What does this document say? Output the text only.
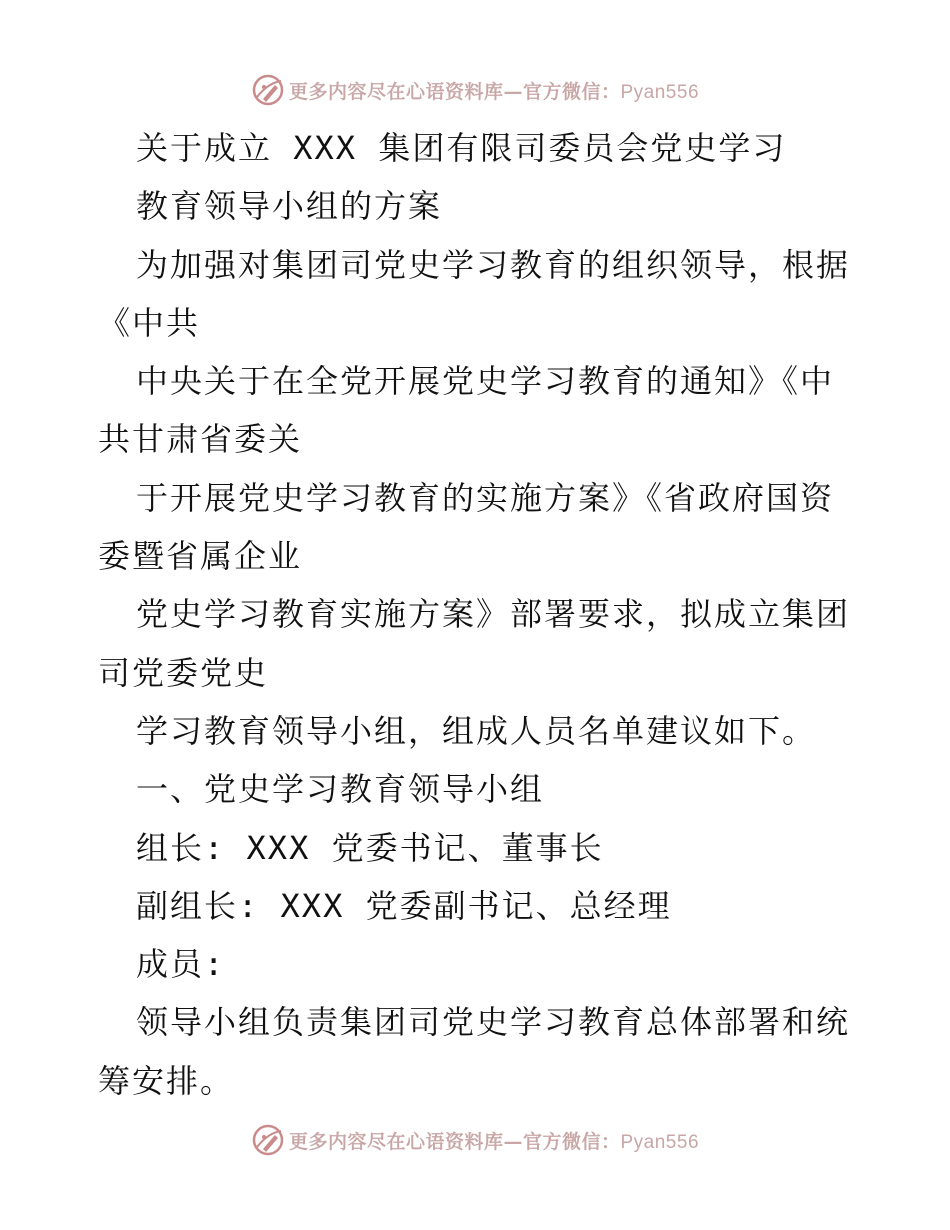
更多内容尽在心语资料库—官方微信：Pyan556
关于成立 XXX 集团有限司委员会党史学习
教育领导小组的方案
为加强对集团司党史学习教育的组织领导，根据
《中共
中央关于在全党开展党史学习教育的通知》《中
共甘肃省委关
于开展党史学习教育的实施方案》《省政府国资
委暨省属企业
党史学习教育实施方案》部署要求，拟成立集团
司党委党史
学习教育领导小组，组成人员名单建议如下。
一、党史学习教育领导小组
组长: XXX 党委书记、董事长
副组长: XXX 党委副书记、总经理
成员:
领导小组负责集团司党史学习教育总体部署和统
筹安排。
更多内容尽在心语资料库—官方微信：Pyan556
